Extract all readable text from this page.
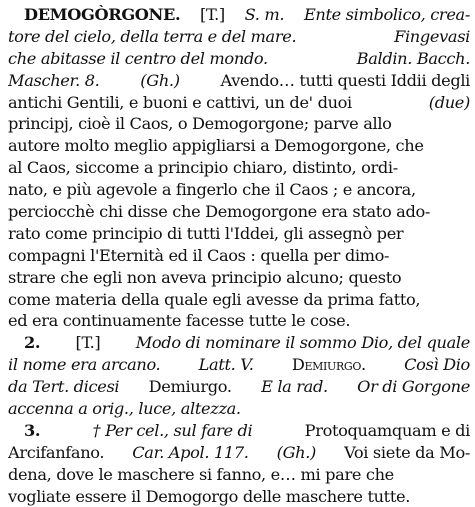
DEMOGÒRGONE. [T.] S. m. Ente simbolico, crea-
tore del cielo, della terra e del mare.	Fingevasi
che abitasse il centro del mondo.	Baldin. Bacch.
Mascher. 8.	(Gh.)	Avendo… tutti questi Iddii degli
antichi Gentili, e buoni e cattivi, un de' duoi	(due)
principj, cioè il Caos, o Demogorgone; parve allo
autore molto meglio appigliarsi a Demogorgone, che
al Caos, siccome a principio chiaro, distinto, ordi-
nato, e più agevole a fingerlo che il Caos ; e ancora,
perciocchè chi disse che Demogorgone era stato ado-
rato come principio di tutti l'Iddei, gli assegnò per
compagni l'Eternità ed il Caos : quella per dimo-
strare che egli non aveva principio alcuno; questo
come materia della quale egli avesse da prima fatto,
ed era continuamente facesse tutte le cose.
2. [T.] Modo di nominare il sommo Dio, del quale
il nome era arcano. Latt. V. Demiurgo. Così Dio
da Tert. dicesi Demiurgo. E la rad. Or di Gorgone
accenna a orig., luce, altezza.
3.	† Per cel., sul fare di	Protoquamquam e di
Arcifanfano. Car. Apol. 117. (Gh.) Voi siete da Mo-
dena, dove le maschere si fanno, e… mi pare che
vogliate essere il Demogorgo delle maschere tutte.
